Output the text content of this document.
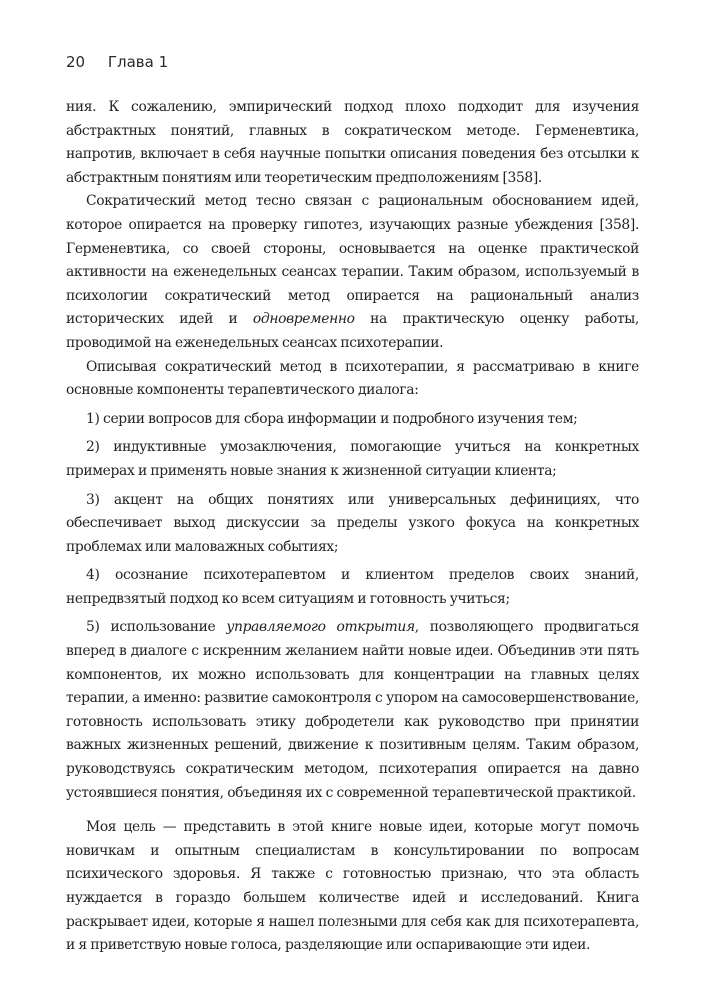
20 Глава 1

ния. К сожалению, эмпирический подход плохо подходит для изучения абстрактных понятий, главных в сократическом методе. Герменевтика, напротив, включает в себя научные попытки описания поведения без отсылки к абстрактным понятиям или теоретическим предположениям [358].

Сократический метод тесно связан с рациональным обоснованием идей, которое опирается на проверку гипотез, изучающих разные убеждения [358]. Герменевтика, со своей стороны, основывается на оценке практической активности на еженедельных сеансах терапии. Таким образом, используемый в психологии сократический метод опирается на рациональный анализ исторических идей и одновременно на практическую оценку работы, проводимой на еженедельных сеансах психотерапии.

Описывая сократический метод в психотерапии, я рассматриваю в книге основные компоненты терапевтического диалога:

1) серии вопросов для сбора информации и подробного изучения тем;

2) индуктивные умозаключения, помогающие учиться на конкретных примерах и применять новые знания к жизненной ситуации клиента;

3) акцент на общих понятиях или универсальных дефинициях, что обеспечивает выход дискуссии за пределы узкого фокуса на конкретных проблемах или маловажных событиях;

4) осознание психотерапевтом и клиентом пределов своих знаний, непредвзятый подход ко всем ситуациям и готовность учиться;

5) использование управляемого открытия, позволяющего продвигаться вперед в диалоге с искренним желанием найти новые идеи. Объединив эти пять компонентов, их можно использовать для концентрации на главных целях терапии, а именно: развитие самоконтроля с упором на самосовершенствование, готовность использовать этику добродетели как руководство при принятии важных жизненных решений, движение к позитивным целям. Таким образом, руководствуясь сократическим методом, психотерапия опирается на давно устоявшиеся понятия, объединяя их с современной терапевтической практикой.

Моя цель — представить в этой книге новые идеи, которые могут помочь новичкам и опытным специалистам в консультировании по вопросам психического здоровья. Я также с готовностью признаю, что эта область нуждается в гораздо большем количестве идей и исследований. Книга раскрывает идеи, которые я нашел полезными для себя как для психотерапевта, и я приветствую новые голоса, разделяющие или оспаривающие эти идеи.
